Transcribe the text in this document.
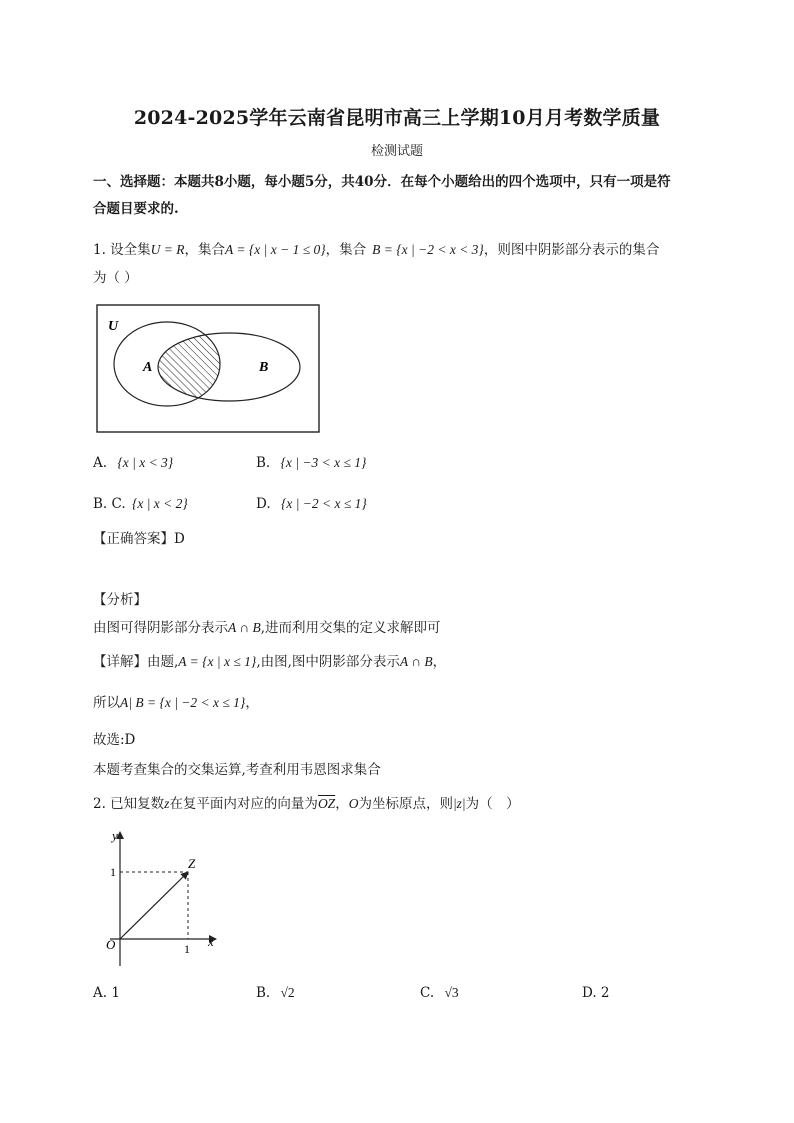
2024-2025学年云南省昆明市高三上学期10月月考数学质量
检测试题
一、选择题：本题共8小题，每小题5分，共40分．在每个小题给出的四个选项中，只有一项是符
合题目要求的.
1. 设全集U = R，集合A = {x | x − 1 ≤ 0}，集合 B = {x | −2 < x < 3}，则图中阴影部分表示的集合
为（ ）
U
A	B
A. {x | x < 3}	B. {x | −3 < x ≤ 1}
B. C. {x | x < 2}	D. {x | −2 < x ≤ 1}
【正确答案】D
【分析】
由图可得阴影部分表示A ∩ B,进而利用交集的定义求解即可
【详解】由题,A = {x | x ≤ 1},由图,图中阴影部分表示A ∩ B，
所以A| B = {x | −2 < x ≤ 1}，
故选:D
本题考查集合的交集运算,考查利用韦恩图求集合
2. 已知复数z在复平面内对应的向量为$\overline{OZ}$，O为坐标原点，则|z|为（　）
y
x
O
Z
1
1
A. 1	B. √2	C. √3	D. 2
